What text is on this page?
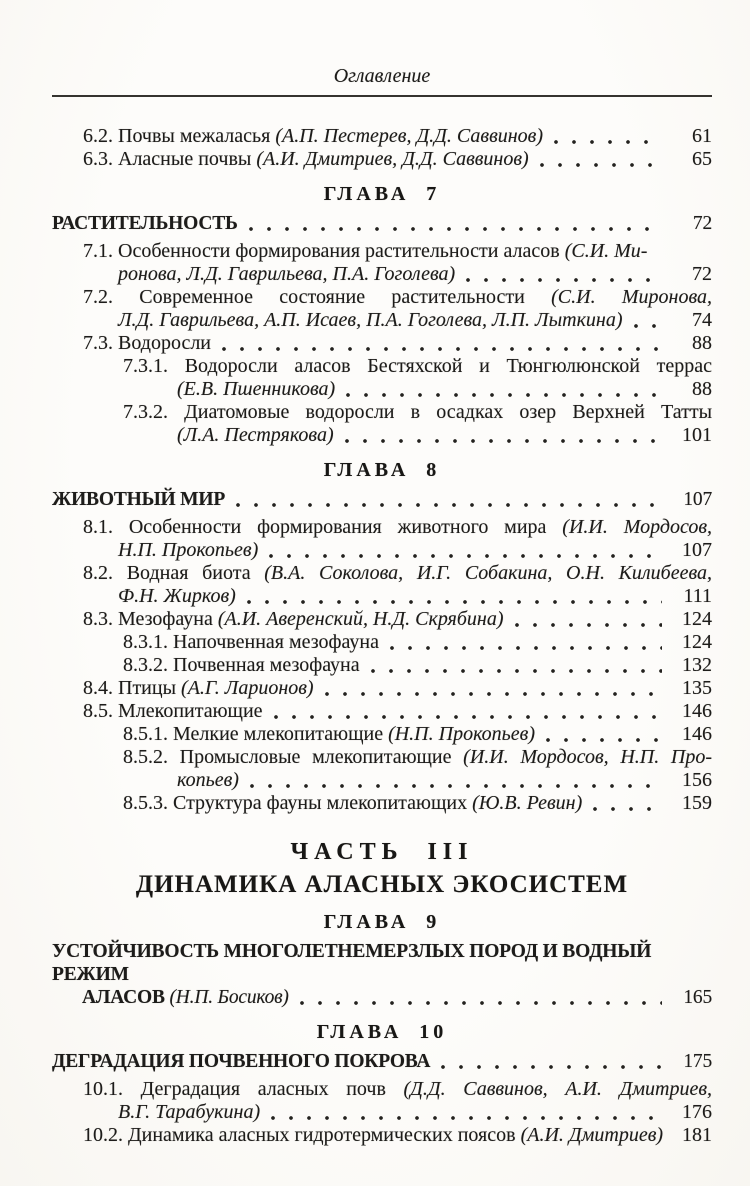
Оглавление
6.2. Почвы межаласья (А.П. Пестерев, Д.Д. Саввинов)	61
6.3. Аласные почвы (А.И. Дмитриев, Д.Д. Саввинов)	65
ГЛАВА 7
РАСТИТЕЛЬНОСТЬ	72
7.1. Особенности формирования растительности аласов (С.И. Ми-
ронова, Л.Д. Гаврильева, П.А. Гоголева)	72
7.2. Современное состояние растительности (С.И. Миронова,
Л.Д. Гаврильева, А.П. Исаев, П.А. Гоголева, Л.П. Лыткина)	74
7.3. Водоросли	88
7.3.1. Водоросли аласов Бестяхской и Тюнгюлюнской террас
(Е.В. Пшенникова)	88
7.3.2. Диатомовые водоросли в осадках озер Верхней Татты
(Л.А. Пестрякова)	101
ГЛАВА 8
ЖИВОТНЫЙ МИР	107
8.1. Особенности формирования животного мира (И.И. Мордосов,
Н.П. Прокопьев)	107
8.2. Водная биота (В.А. Соколова, И.Г. Собакина, О.Н. Килибеева,
Ф.Н. Жирков)	111
8.3. Мезофауна (А.И. Аверенский, Н.Д. Скрябина)	124
8.3.1. Напочвенная мезофауна	124
8.3.2. Почвенная мезофауна	132
8.4. Птицы (А.Г. Ларионов)	135
8.5. Млекопитающие	146
8.5.1. Мелкие млекопитающие (Н.П. Прокопьев)	146
8.5.2. Промысловые млекопитающие (И.И. Мордосов, Н.П. Про-
копьев)	156
8.5.3. Структура фауны млекопитающих (Ю.В. Ревин)	159
ЧАСТЬ III
ДИНАМИКА АЛАСНЫХ ЭКОСИСТЕМ
ГЛАВА 9
УСТОЙЧИВОСТЬ МНОГОЛЕТНЕМЕРЗЛЫХ ПОРОД И ВОДНЫЙ РЕЖИМ
АЛАСОВ (Н.П. Босиков)	165
ГЛАВА 10
ДЕГРАДАЦИЯ ПОЧВЕННОГО ПОКРОВА	175
10.1. Деградация аласных почв (Д.Д. Саввинов, А.И. Дмитриев,
В.Г. Тарабукина)	176
10.2. Динамика аласных гидротермических поясов (А.И. Дмитриев) 181
